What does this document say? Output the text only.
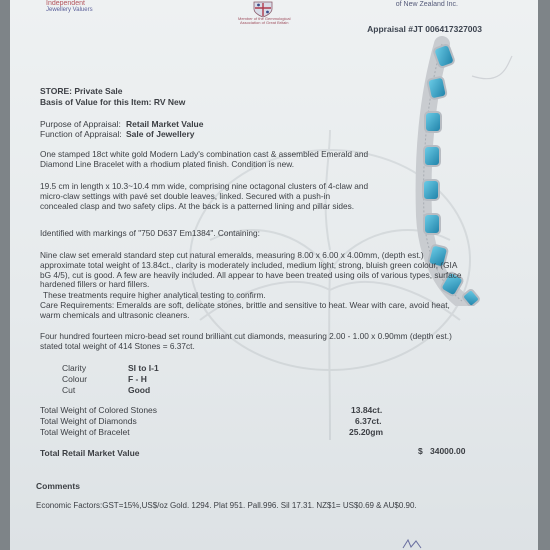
Independent
Jewellery Valuers
Member of the Gemmological
Association of Great Britain
of New Zealand Inc.
Appraisal #JT 006417327003
STORE: Private Sale
Basis of Value for this Item: RV New
Purpose of Appraisal: Retail Market Value
Function of Appraisal: Sale of Jewellery
One stamped 18ct white gold Modern Lady's combination cast & assembled Emerald and Diamond Line Bracelet with a rhodium plated finish. Condition is new.
19.5 cm in length x 10.3~10.4 mm wide, comprising nine octagonal clusters of 4-claw and micro-claw settings with pavé set double leaves, linked. Secured with a push-in concealed clasp and two safety clips. At the back is a patterned lining and pillar sides.
Identified with markings of "750 D637 Em1384". Containing:
Nine claw set emerald standard step cut natural emeralds, measuring 8.00 x 6.00 x 4.00mm, (depth est.) approximate total weight of 13.84ct., clarity is moderately included, medium light, strong, bluish green colour, (GIA bG 4/5), cut is good. A few are heavily included. All appear to have been treated using oils of various types, surface hardened fillers or hard fillers.
These treatments require higher analytical testing to confirm.
Care Requirements: Emeralds are soft, delicate stones, brittle and sensitive to heat. Wear with care, avoid heat, warm chemicals and ultrasonic cleaners.
Four hundred fourteen micro-bead set round brilliant cut diamonds, measuring 2.00 - 1.00 x 0.90mm (depth est.) stated total weight of 414 Stones = 6.37ct.
Clarity	SI to I-1
Colour	F - H
Cut	Good
Total Weight of Colored Stones	13.84ct.
Total Weight of Diamonds	6.37ct.
Total Weight of Bracelet	25.20gm
Total Retail Market Value	$ 34000.00
Comments
Economic Factors:GST=15%,US$/oz Gold. 1294. Plat 951. Pall.996. Sil 17.31. NZ$1= US$0.69 & AU$0.90.
